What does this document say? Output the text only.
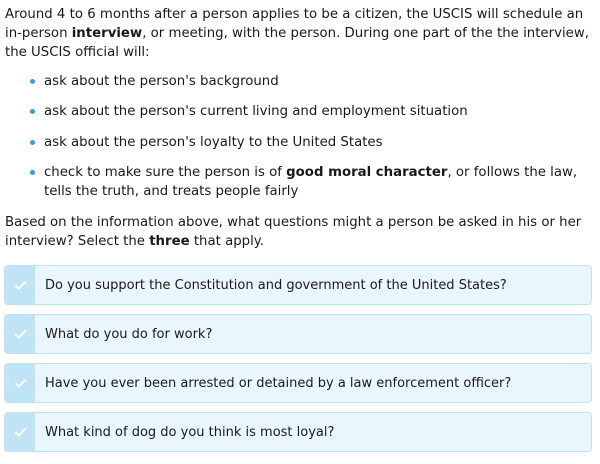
Around 4 to 6 months after a person applies to be a citizen, the USCIS will schedule an in-person interview, or meeting, with the person. During one part of the the interview, the USCIS official will:

ask about the person's background
ask about the person's current living and employment situation
ask about the person's loyalty to the United States
check to make sure the person is of good moral character, or follows the law, tells the truth, and treats people fairly

Based on the information above, what questions might a person be asked in his or her interview? Select the three that apply.

Do you support the Constitution and government of the United States?
What do you do for work?
Have you ever been arrested or detained by a law enforcement officer?
What kind of dog do you think is most loyal?
